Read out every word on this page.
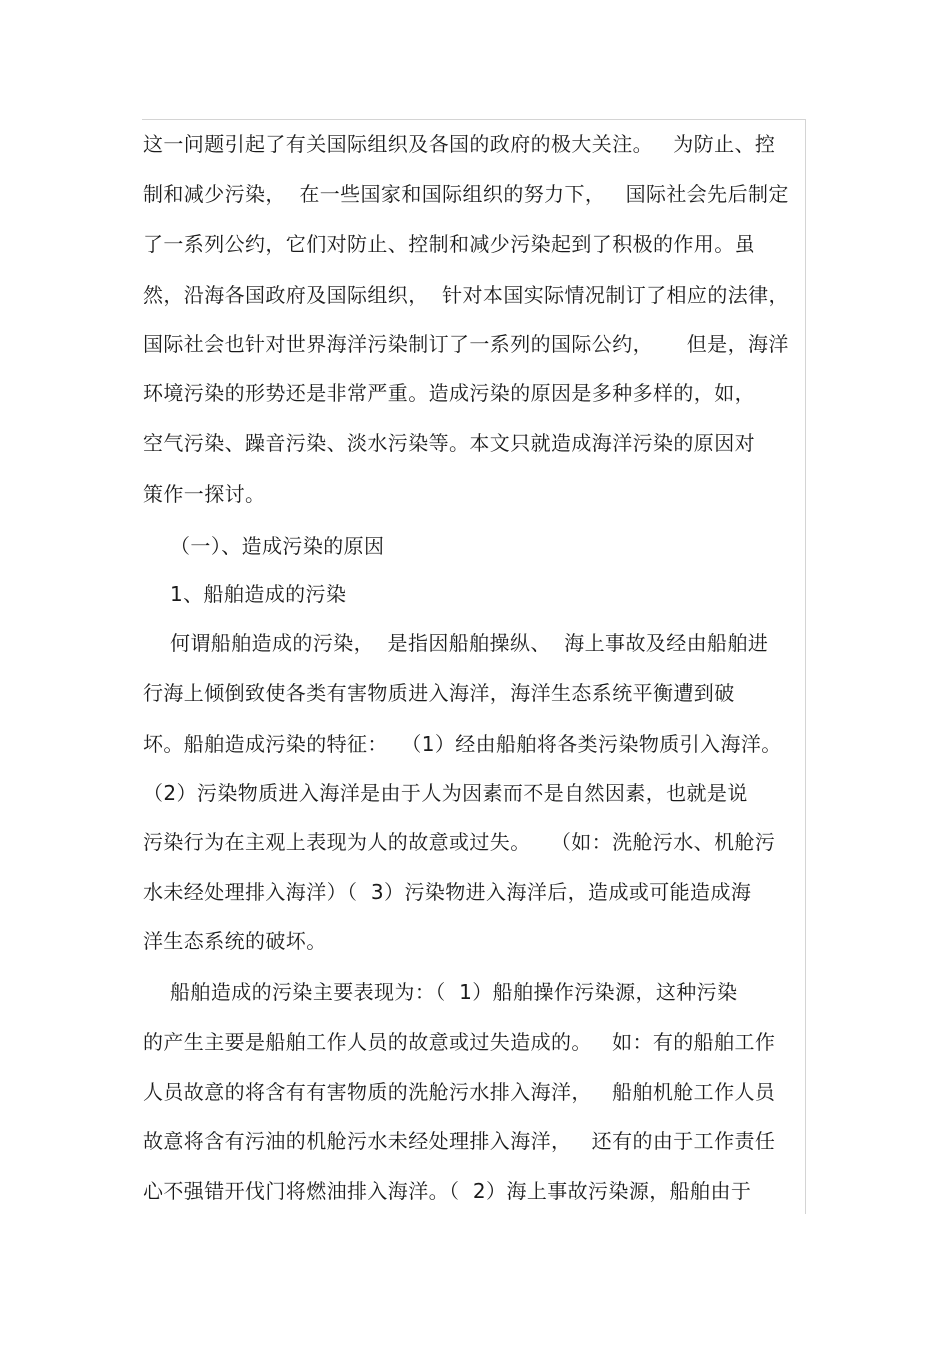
这一问题引起了有关国际组织及各国的政府的极大关注。   为防止、控
制和减少污染，  在一些国家和国际组织的努力下，   国际社会先后制定
了一系列公约，它们对防止、控制和减少污染起到了积极的作用。虽
然，沿海各国政府及国际组织，  针对本国实际情况制订了相应的法律，
国际社会也针对世界海洋污染制订了一系列的国际公约，     但是，海洋
环境污染的形势还是非常严重。造成污染的原因是多种多样的，如，
空气污染、躁音污染、淡水污染等。本文只就造成海洋污染的原因对
策作一探讨。
（一）、造成污染的原因
1、船舶造成的污染
何谓船舶造成的污染，  是指因船舶操纵、  海上事故及经由船舶进
行海上倾倒致使各类有害物质进入海洋，海洋生态系统平衡遭到破
坏。船舶造成污染的特征：  （1）经由船舶将各类污染物质引入海洋。
（2）污染物质进入海洋是由于人为因素而不是自然因素，也就是说
污染行为在主观上表现为人的故意或过失。   （如：洗舱污水、机舱污
水未经处理排入海洋）（  3）污染物进入海洋后，造成或可能造成海
洋生态系统的破坏。
船舶造成的污染主要表现为：（  1）船舶操作污染源，这种污染
的产生主要是船舶工作人员的故意或过失造成的。   如：有的船舶工作
人员故意的将含有有害物质的洗舱污水排入海洋，   船舶机舱工作人员
故意将含有污油的机舱污水未经处理排入海洋，   还有的由于工作责任
心不强错开伐门将燃油排入海洋。（  2）海上事故污染源，船舶由于
